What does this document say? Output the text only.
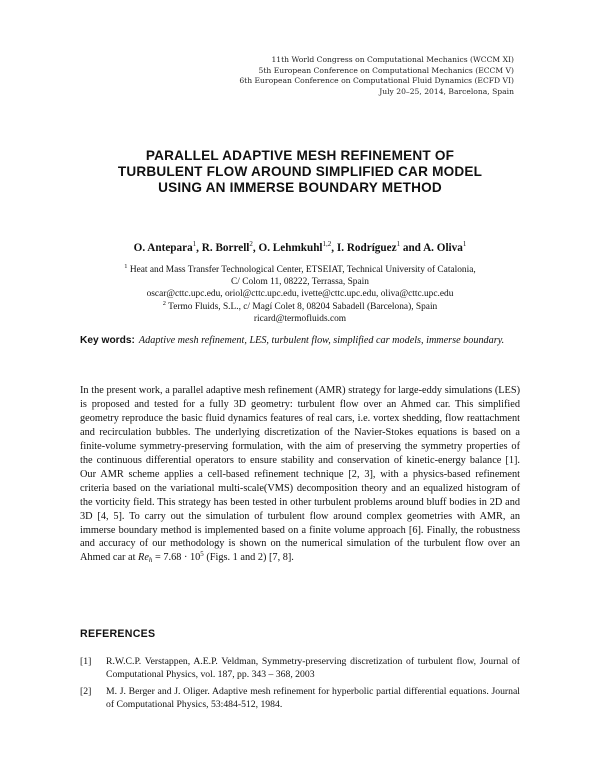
11th World Congress on Computational Mechanics (WCCM XI)
5th European Conference on Computational Mechanics (ECCM V)
6th European Conference on Computational Fluid Dynamics (ECFD VI)
July 20–25, 2014, Barcelona, Spain
PARALLEL ADAPTIVE MESH REFINEMENT OF
TURBULENT FLOW AROUND SIMPLIFIED CAR MODEL
USING AN IMMERSE BOUNDARY METHOD
O. Antepara$^1$, R. Borrell$^2$, O. Lehmkuhl$^{1,2}$, I. Rodríguez$^1$ and A. Oliva$^1$
$^1$ Heat and Mass Transfer Technological Center, ETSEIAT, Technical University of Catalonia,
C/ Colom 11, 08222, Terrassa, Spain
oscar@cttc.upc.edu, oriol@cttc.upc.edu, ivette@cttc.upc.edu, oliva@cttc.upc.edu
$^2$ Termo Fluids, S.L., c/ Magí Colet 8, 08204 Sabadell (Barcelona), Spain
ricard@termofluids.com
Key words: Adaptive mesh refinement, LES, turbulent flow, simplified car models, immerse boundary.
In the present work, a parallel adaptive mesh refinement (AMR) strategy for large-eddy simulations (LES) is proposed and tested for a fully 3D geometry: turbulent flow over an Ahmed car. This simplified geometry reproduce the basic fluid dynamics features of real cars, i.e. vortex shedding, flow reattachment and recirculation bubbles. The underlying discretization of the Navier-Stokes equations is based on a finite-volume symmetry-preserving formulation, with the aim of preserving the symmetry properties of the continuous differential operators to ensure stability and conservation of kinetic-energy balance [1]. Our AMR scheme applies a cell-based refinement technique [2, 3], with a physics-based refinement criteria based on the variational multi-scale(VMS) decomposition theory and an equalized histogram of the vorticity field. This strategy has been tested in other turbulent problems around bluff bodies in 2D and 3D [4, 5]. To carry out the simulation of turbulent flow around complex geometries with AMR, an immerse boundary method is implemented based on a finite volume approach [6]. Finally, the robustness and accuracy of our methodology is shown on the numerical simulation of the turbulent flow over an Ahmed car at $Re_h = 7.68 \cdot 10^5$ (Figs. 1 and 2) [7, 8].
REFERENCES
[1] R.W.C.P. Verstappen, A.E.P. Veldman, Symmetry-preserving discretization of turbulent flow, Journal of Computational Physics, vol. 187, pp. 343 – 368, 2003
[2] M. J. Berger and J. Oliger. Adaptive mesh refinement for hyperbolic partial differential equations. Journal of Computational Physics, 53:484-512, 1984.
